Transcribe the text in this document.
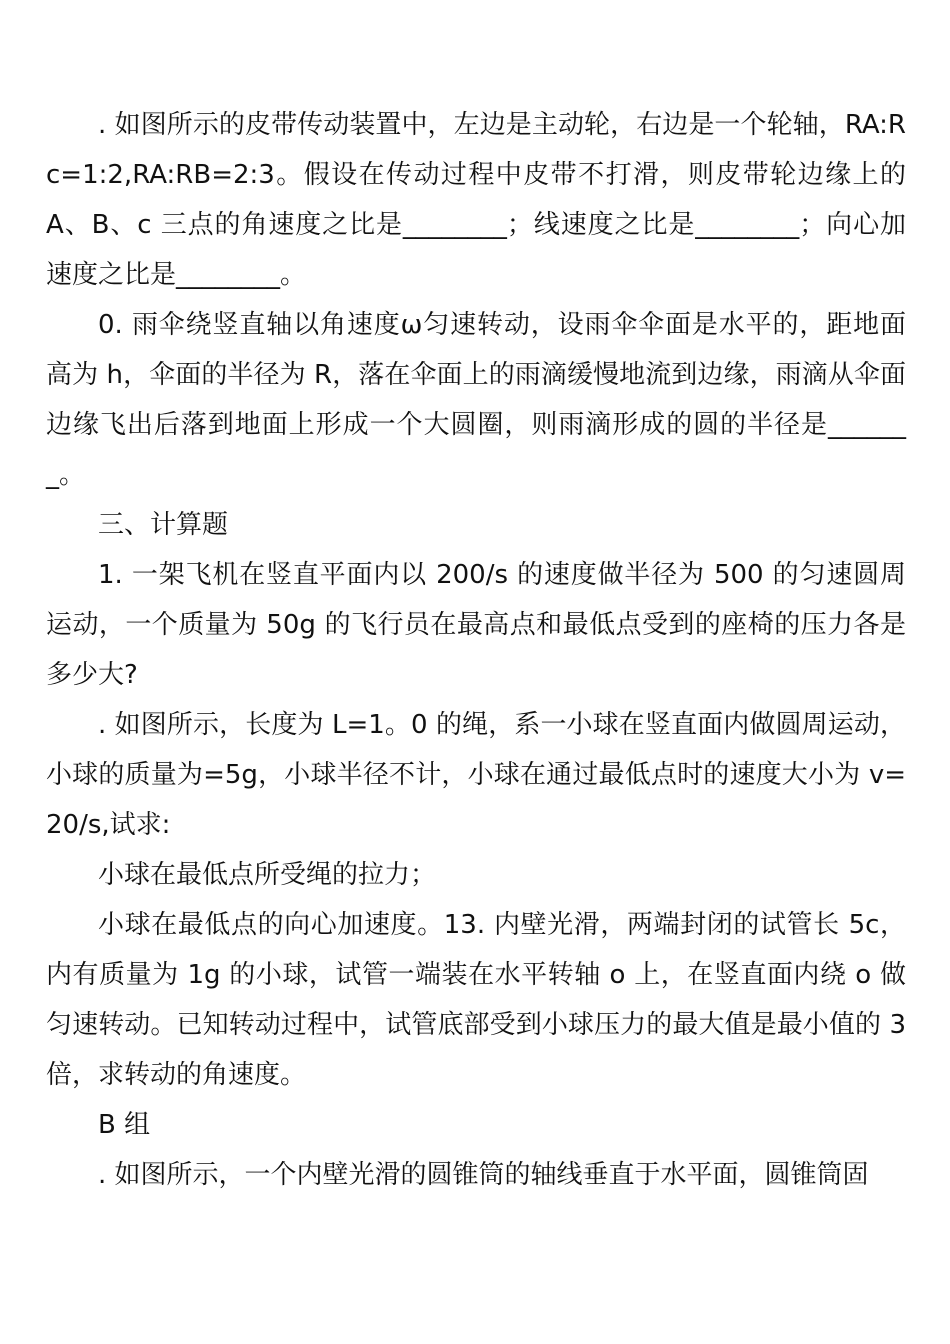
. 如图所示的皮带传动装置中，左边是主动轮，右边是一个轮轴，RA:Rc=1:2,RA:RB=2:3。假设在传动过程中皮带不打滑，则皮带轮边缘上的 A、B、c 三点的角速度之比是________；线速度之比是________；向心加速度之比是________。

0. 雨伞绕竖直轴以角速度ω匀速转动，设雨伞伞面是水平的，距地面高为 h，伞面的半径为 R，落在伞面上的雨滴缓慢地流到边缘，雨滴从伞面边缘飞出后落到地面上形成一个大圆圈，则雨滴形成的圆的半径是_______。

三、计算题

1. 一架飞机在竖直平面内以 200/s 的速度做半径为 500 的匀速圆周运动，一个质量为 50g 的飞行员在最高点和最低点受到的座椅的压力各是多少大?

. 如图所示，长度为 L=1。0 的绳，系一小球在竖直面内做圆周运动，小球的质量为=5g，小球半径不计，小球在通过最低点时的速度大小为 v=20/s,试求:

小球在最低点所受绳的拉力；

小球在最低点的向心加速度。13. 内壁光滑，两端封闭的试管长 5c，内有质量为 1g 的小球，试管一端装在水平转轴 o 上，在竖直面内绕 o 做匀速转动。已知转动过程中，试管底部受到小球压力的最大值是最小值的 3 倍，求转动的角速度。

B 组

. 如图所示，一个内壁光滑的圆锥筒的轴线垂直于水平面，圆锥筒固
